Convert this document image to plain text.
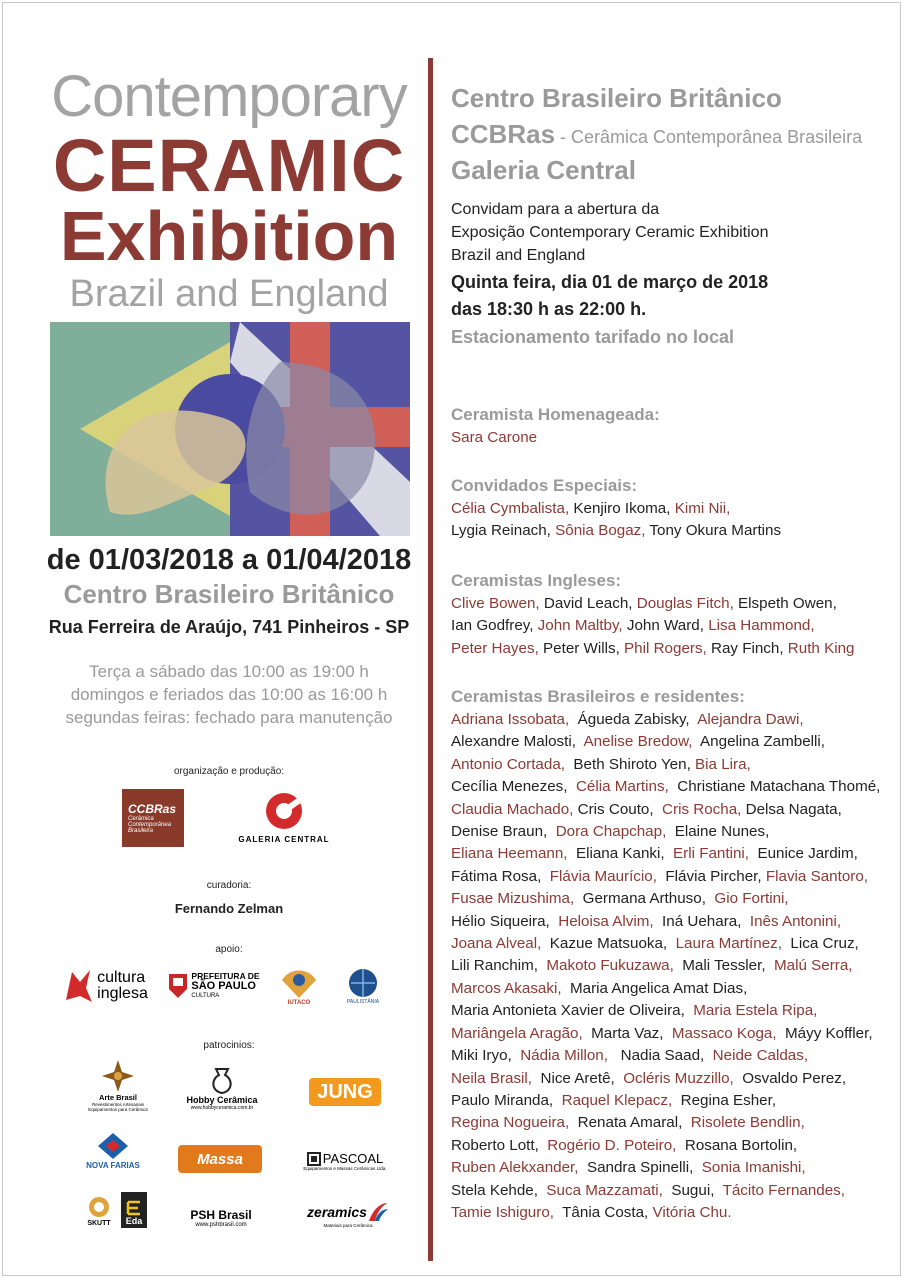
Contemporary
CERAMIC
Exhibition
Brazil and England
de 01/03/2018 a 01/04/2018
Centro Brasileiro Britânico
Rua Ferreira de Araújo, 741 Pinheiros - SP
Terça a sábado das 10:00 as 19:00 h
domingos e feriados das 10:00 as 16:00 h
segundas feiras: fechado para manutenção
organização e produção:
CCBRas
Cerâmica
Contemporânea
Brasileira
GALERIA CENTRAL
curadoria:
Fernando Zelman
apoio:
cultura
inglesa
PREFEITURA DE
SÃO PAULO
CULTURA
IUTACO	PAULISTÂNIA
patrocinios:
Arte Brasil
Revestimentos Artesanais
Equipamentos para Cerâmica
Hobby Cerâmica
www.hobbyceramica.com.br
JUNG
NOVA FARIAS	Massa	PASCOAL
Equipamentos e Massas Cerâmicas Ltda.
SKUTT Eda	PSH Brasil
www.pshbrasil.com
zeramics
Materiais para Cerâmica
Centro Brasileiro Britânico
CCBRas - Cerâmica Contemporânea Brasileira
Galeria Central
Convidam para a abertura da
Exposição Contemporary Ceramic Exhibition
Brazil and England
Quinta feira, dia 01 de março de 2018
das 18:30 h as 22:00 h.
Estacionamento tarifado no local
Ceramista Homenageada:
Sara Carone
Convidados Especiais:
Célia Cymbalista, Kenjiro Ikoma, Kimi Nii,
Lygia Reinach, Sônia Bogaz, Tony Okura Martins
Ceramistas Ingleses:
Clive Bowen, David Leach, Douglas Fitch, Elspeth Owen,
Ian Godfrey, John Maltby, John Ward, Lisa Hammond,
Peter Hayes, Peter Wills, Phil Rogers, Ray Finch, Ruth King
Ceramistas Brasileiros e residentes:
Adriana Issobata,  Águeda Zabisky,  Alejandra Dawi,
Alexandre Malosti,  Anelise Bredow,  Angelina Zambelli,
Antonio Cortada,  Beth Shiroto Yen, Bia Lira,
Cecília Menezes,  Célia Martins,  Christiane Matachana Thomé,
Claudia Machado, Cris Couto,  Cris Rocha, Delsa Nagata,
Denise Braun,  Dora Chapchap,  Elaine Nunes,
Eliana Heemann,  Eliana Kanki,  Erli Fantini,  Eunice Jardim,
Fátima Rosa,  Flávia Maurício,  Flávia Pircher, Flavia Santoro,
Fusae Mizushima,  Germana Arthuso,  Gio Fortini,
Hélio Siqueira,  Heloisa Alvim,  Iná Uehara,  Inês Antonini,
Joana Alveal,  Kazue Matsuoka,  Laura Martínez,  Lica Cruz,
Lili Ranchim,  Makoto Fukuzawa,  Mali Tessler,  Malú Serra,
Marcos Akasaki,  Maria Angelica Amat Dias,
Maria Antonieta Xavier de Oliveira,  Maria Estela Ripa,
Mariângela Aragão,  Marta Vaz,  Massaco Koga,  Máyy Koffler,
Miki Iryo,  Nádia Millon,   Nadia Saad,  Neide Caldas,
Neila Brasil,  Nice Aretê,  Ocléris Muzzillo,  Osvaldo Perez,
Paulo Miranda,  Raquel Klepacz,  Regina Esher,
Regina Nogueira,  Renata Amaral,  Risolete Bendlin,
Roberto Lott,  Rogério D. Poteiro,  Rosana Bortolin,
Ruben Alekxander,  Sandra Spinelli,  Sonia Imanishi,
Stela Kehde,  Suca Mazzamati,  Sugui,  Tácito Fernandes,
Tamie Ishiguro,  Tânia Costa, Vitória Chu.
